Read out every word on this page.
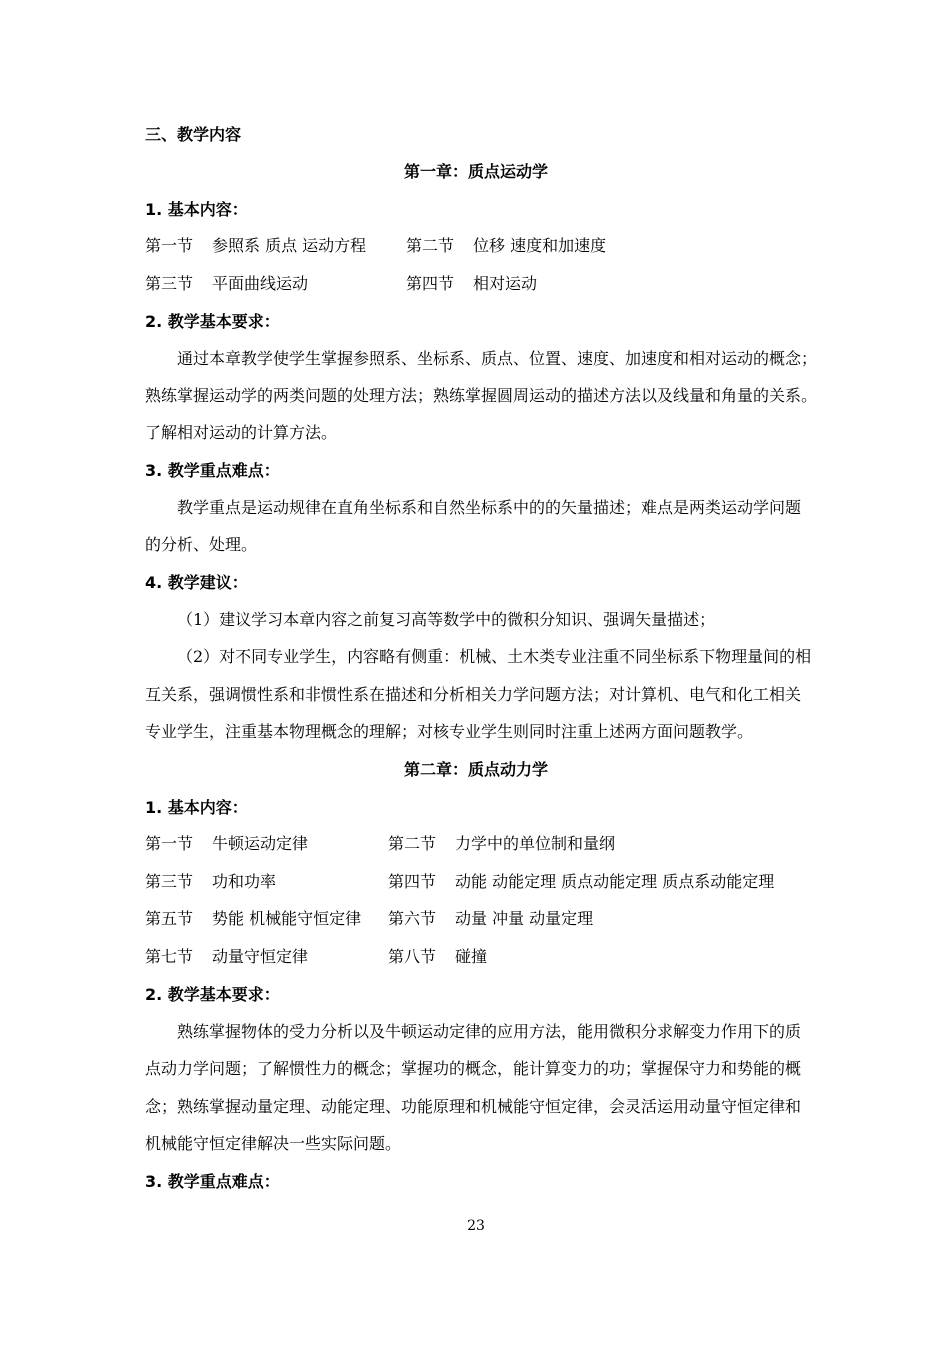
三、教学内容
第一章：质点运动学
1. 基本内容：
第一节 参照系 质点 运动方程 第二节 位移 速度和加速度
第三节 平面曲线运动	第四节 相对运动
2. 教学基本要求：
通过本章教学使学生掌握参照系、坐标系、质点、位置、速度、加速度和相对运动的概念；
熟练掌握运动学的两类问题的处理方法；熟练掌握圆周运动的描述方法以及线量和角量的关系。
了解相对运动的计算方法。
3. 教学重点难点：
教学重点是运动规律在直角坐标系和自然坐标系中的的矢量描述；难点是两类运动学问题
的分析、处理。
4. 教学建议：
（1）建议学习本章内容之前复习高等数学中的微积分知识、强调矢量描述；
（2）对不同专业学生，内容略有侧重：机械、土木类专业注重不同坐标系下物理量间的相
互关系，强调惯性系和非惯性系在描述和分析相关力学问题方法；对计算机、电气和化工相关
专业学生，注重基本物理概念的理解；对核专业学生则同时注重上述两方面问题教学。
第二章：质点动力学
1. 基本内容：
第一节 牛顿运动定律	第二节 力学中的单位制和量纲
第三节 功和功率	第四节 动能 动能定理 质点动能定理 质点系动能定理
第五节 势能 机械能守恒定律 第六节 动量 冲量 动量定理
第七节 动量守恒定律	第八节 碰撞
2. 教学基本要求：
熟练掌握物体的受力分析以及牛顿运动定律的应用方法，能用微积分求解变力作用下的质
点动力学问题；了解惯性力的概念；掌握功的概念，能计算变力的功；掌握保守力和势能的概
念；熟练掌握动量定理、动能定理、功能原理和机械能守恒定律，会灵活运用动量守恒定律和
机械能守恒定律解决一些实际问题。
3. 教学重点难点：
23
